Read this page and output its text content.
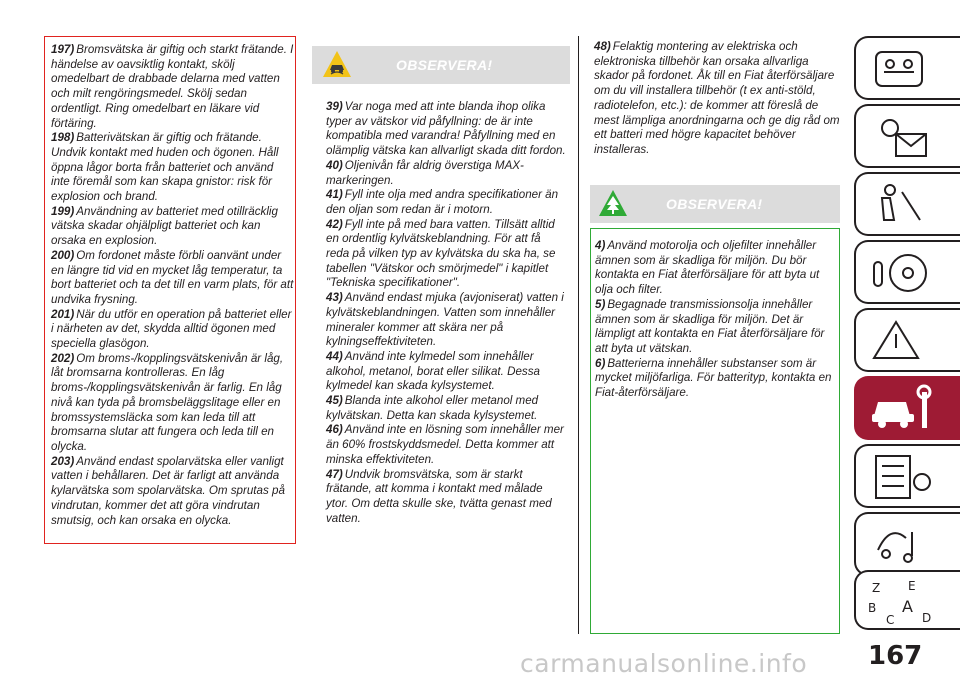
197) Bromsvätska är giftig och starkt frätande. I händelse av oavsiktlig kontakt, skölj omedelbart de drabbade delarna med vatten och milt rengöringsmedel. Skölj sedan ordentligt. Ring omedelbart en läkare vid förtäring.

198) Batterivätskan är giftig och frätande. Undvik kontakt med huden och ögonen. Håll öppna lågor borta från batteriet och använd inte föremål som kan skapa gnistor: risk för explosion och brand.

199) Användning av batteriet med otillräcklig vätska skadar ohjälpligt batteriet och kan orsaka en explosion.

200) Om fordonet måste förbli oanvänt under en längre tid vid en mycket låg temperatur, ta bort batteriet och ta det till en varm plats, för att undvika frysning.

201) När du utför en operation på batteriet eller i närheten av det, skydda alltid ögonen med speciella glasögon.

202) Om broms-/kopplingsvätskenivån är låg, låt bromsarna kontrolleras. En låg broms-/kopplingsvätskenivån är farlig. En låg nivå kan tyda på bromsbeläggslitage eller en bromssystemsläcka som kan leda till att bromsarna slutar att fungera och leda till en olycka.

203) Använd endast spolarvätska eller vanligt vatten i behållaren. Det är farligt att använda kylarvätska som spolarvätska. Om sprutas på vindrutan, kommer det att göra vindrutan smutsig, och kan orsaka en olycka.

OBSERVERA!

39) Var noga med att inte blanda ihop olika typer av vätskor vid påfyllning: de är inte kompatibla med varandra! Påfyllning med en olämplig vätska kan allvarligt skada ditt fordon.

40) Oljenivån får aldrig överstiga MAX-markeringen.

41) Fyll inte olja med andra specifikationer än den oljan som redan är i motorn.

42) Fyll inte på med bara vatten. Tillsätt alltid en ordentlig kylvätskeblandning. För att få reda på vilken typ av kylvätska du ska ha, se tabellen "Vätskor och smörjmedel" i kapitlet "Tekniska specifikationer".

43) Använd endast mjuka (avjoniserat) vatten i kylvätskeblandningen. Vatten som innehåller mineraler kommer att skära ner på kylningseffektiviteten.

44) Använd inte kylmedel som innehåller alkohol, metanol, borat eller silikat. Dessa kylmedel kan skada kylsystemet.

45) Blanda inte alkohol eller metanol med kylvätskan. Detta kan skada kylsystemet.

46) Använd inte en lösning som innehåller mer än 60% frostskyddsmedel. Detta kommer att minska effektiviteten.

47) Undvik bromsvätska, som är starkt frätande, att komma i kontakt med målade ytor. Om detta skulle ske, tvätta genast med vatten.

48) Felaktig montering av elektriska och elektroniska tillbehör kan orsaka allvarliga skador på fordonet. Åk till en Fiat återförsäljare om du vill installera tillbehör (t ex anti-stöld, radiotelefon, etc.): de kommer att föreslå de mest lämpliga anordningarna och ge dig råd om ett batteri med högre kapacitet behöver installeras.

OBSERVERA!

4) Använd motorolja och oljefilter innehåller ämnen som är skadliga för miljön. Du bör kontakta en Fiat återförsäljare för att byta ut olja och filter.

5) Begagnade transmissionsolja innehåller ämnen som är skadliga för miljön. Det är lämpligt att kontakta en Fiat återförsäljare för att byta ut vätskan.

6) Batterierna innehåller substanser som är mycket miljöfarliga. För batterityp, kontakta en Fiat-återförsäljare.

Z E
B A
C D
167
carmanualsonline.info
